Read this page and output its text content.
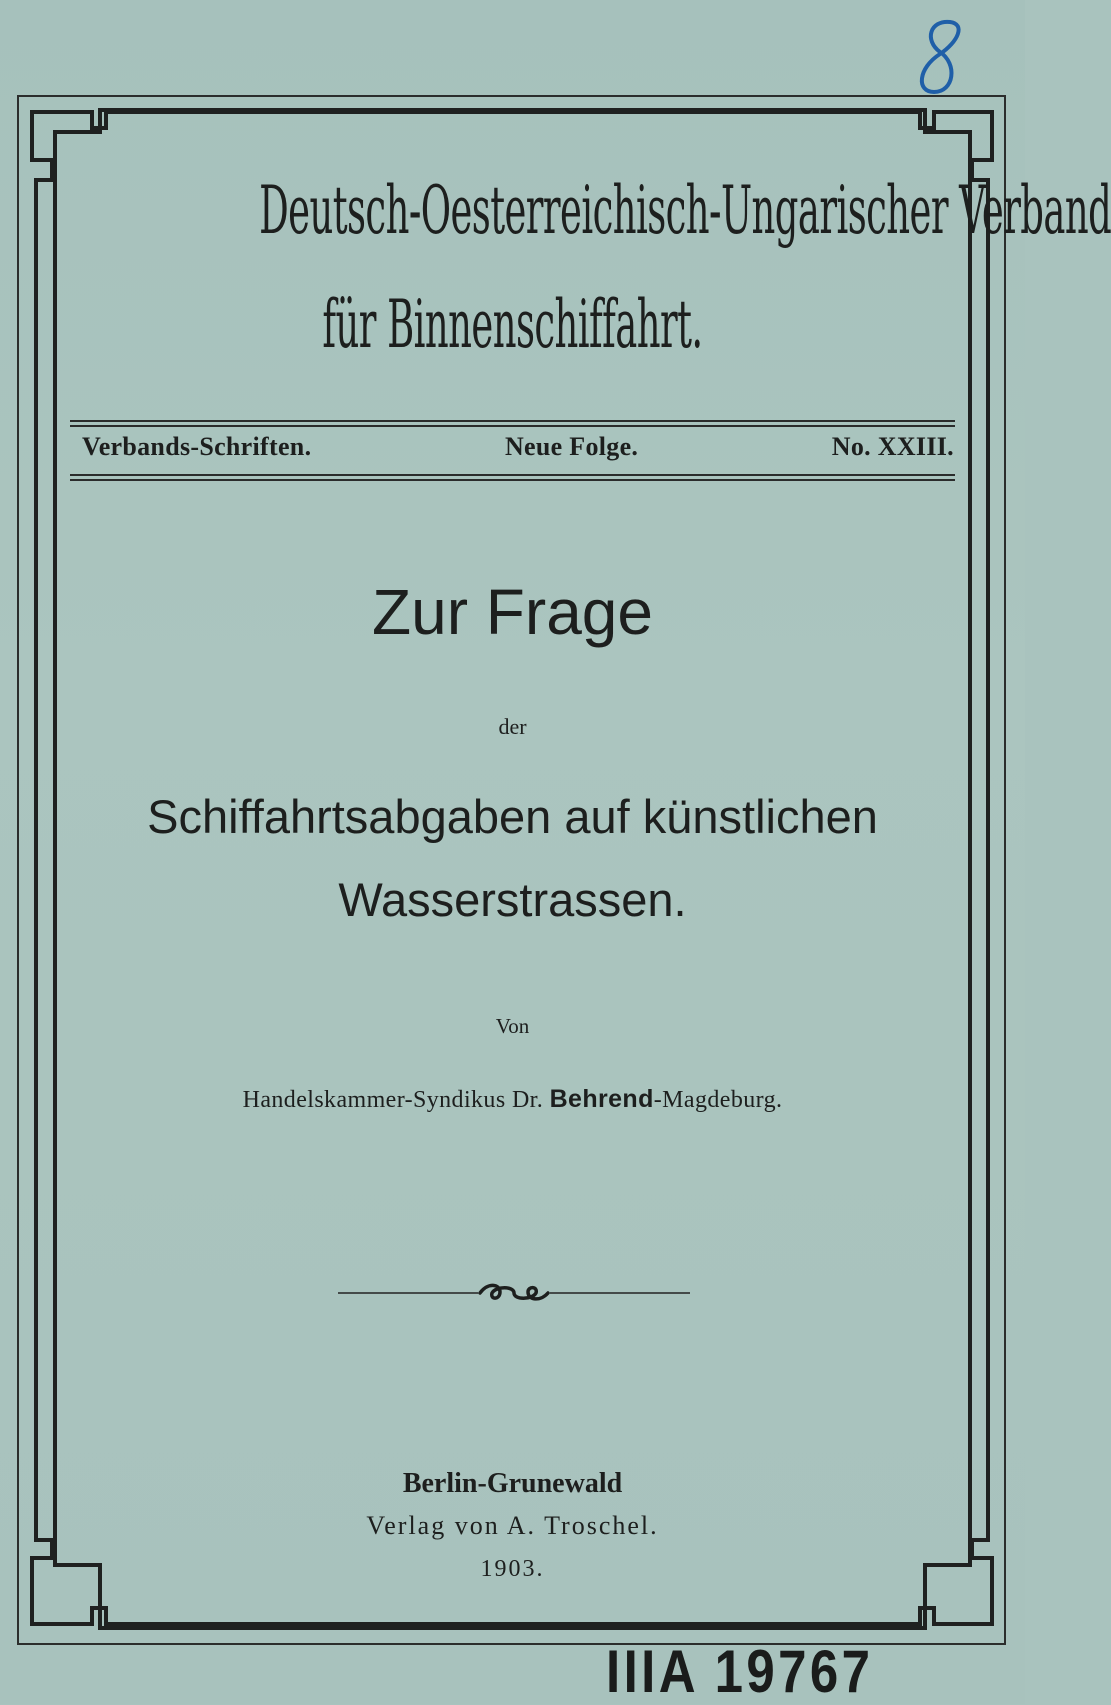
Deutsch-Oesterreichisch-Ungarischer Verband
für Binnenschiffahrt.
Verbands-Schriften.	Neue Folge.	No. XXIII.
Zur Frage
der
Schiffahrtsabgaben auf künstlichen
Wasserstrassen.
Von
Handelskammer-Syndikus Dr. Behrend-Magdeburg.
Berlin-Grunewald
Verlag von A. Troschel.
1903.
IIIA 19767
